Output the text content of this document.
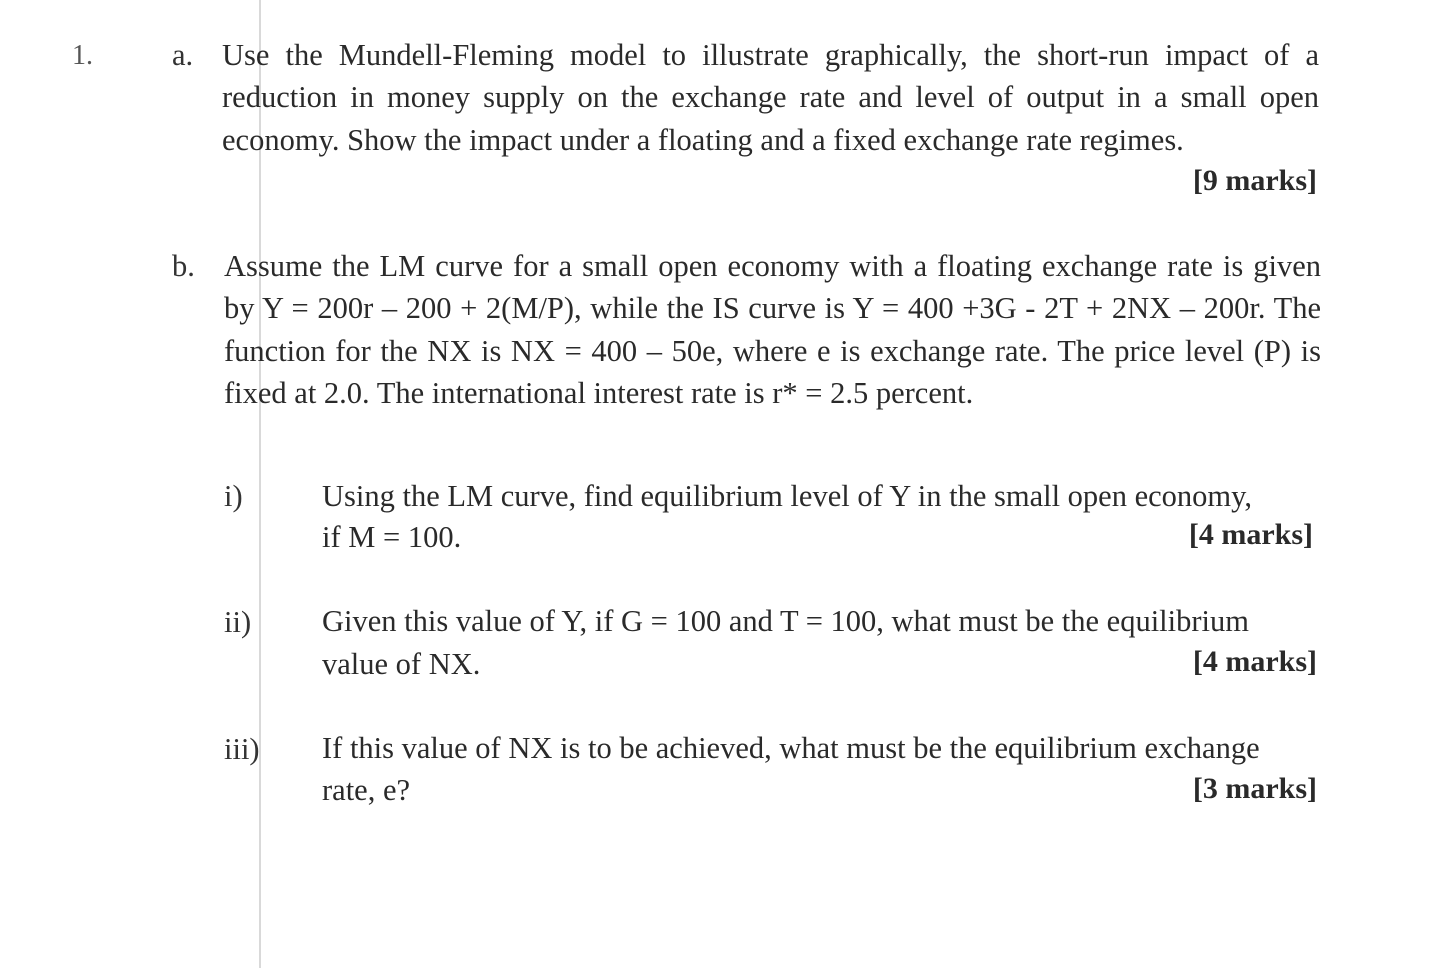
1.	a. Use the Mundell-Fleming model to illustrate graphically, the short-run impact of a reduction in money supply on the exchange rate and level of output in a small open economy. Show the impact under a floating and a fixed exchange rate regimes.
[9 marks]
b. Assume the LM curve for a small open economy with a floating exchange rate is given by Y = 200r – 200 + 2(M/P), while the IS curve is Y = 400 +3G - 2T + 2NX – 200r. The function for the NX is NX = 400 – 50e, where e is exchange rate. The price level (P) is fixed at 2.0. The international interest rate is r* = 2.5 percent.
i)	Using the LM curve, find equilibrium level of Y in the small open economy,
if M = 100.	[4 marks]
ii) Given this value of Y, if G = 100 and T = 100, what must be the equilibrium
value of NX.	[4 marks]
iii) If this value of NX is to be achieved, what must be the equilibrium exchange
rate, e?	[3 marks]
